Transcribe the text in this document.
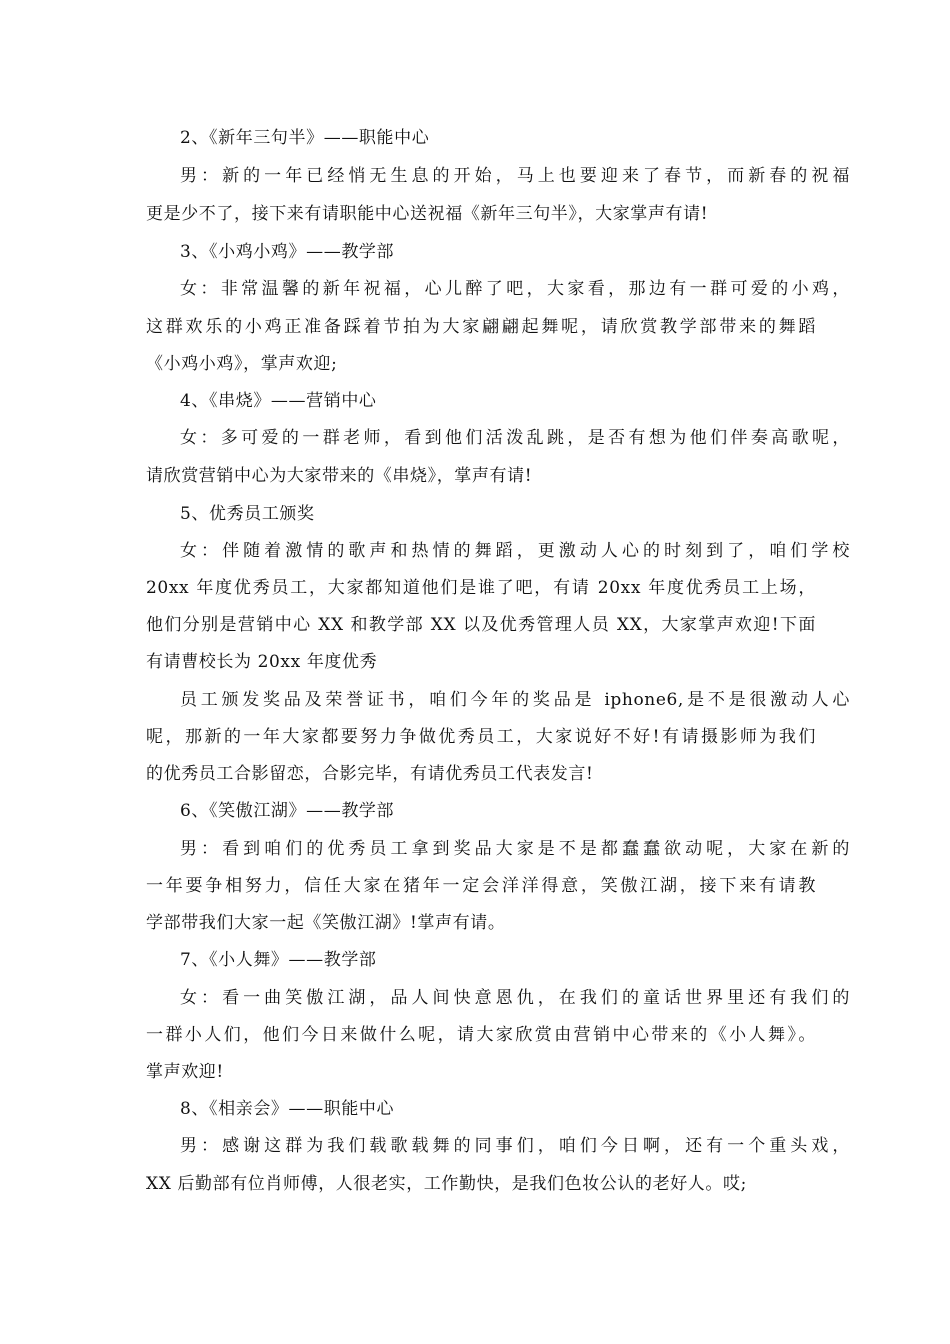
2、《新年三句半》——职能中心
男：新的一年已经悄无生息的开始，马上也要迎来了春节，而新春的祝福
更是少不了，接下来有请职能中心送祝福《新年三句半》，大家掌声有请!
3、《小鸡小鸡》——教学部
女：非常温馨的新年祝福，心儿醉了吧，大家看，那边有一群可爱的小鸡，
这群欢乐的小鸡正准备踩着节拍为大家翩翩起舞呢，请欣赏教学部带来的舞蹈
《小鸡小鸡》，掌声欢迎;
4、《串烧》——营销中心
女：多可爱的一群老师，看到他们活泼乱跳，是否有想为他们伴奏高歌呢，
请欣赏营销中心为大家带来的《串烧》，掌声有请!
5、优秀员工颁奖
女：伴随着激情的歌声和热情的舞蹈，更激动人心的时刻到了，咱们学校
20xx 年度优秀员工，大家都知道他们是谁了吧，有请 20xx 年度优秀员工上场，
他们分别是营销中心 XX 和教学部 XX 以及优秀管理人员 XX，大家掌声欢迎!下面
有请曹校长为 20xx 年度优秀
员工颁发奖品及荣誉证书，咱们今年的奖品是 iphone6,是不是很激动人心
呢，那新的一年大家都要努力争做优秀员工，大家说好不好!有请摄影师为我们
的优秀员工合影留恋，合影完毕，有请优秀员工代表发言!
6、《笑傲江湖》——教学部
男：看到咱们的优秀员工拿到奖品大家是不是都蠢蠢欲动呢，大家在新的
一年要争相努力，信任大家在猪年一定会洋洋得意，笑傲江湖，接下来有请教
学部带我们大家一起《笑傲江湖》!掌声有请。
7、《小人舞》——教学部
女：看一曲笑傲江湖，品人间快意恩仇，在我们的童话世界里还有我们的
一群小人们，他们今日来做什么呢，请大家欣赏由营销中心带来的《小人舞》。
掌声欢迎!
8、《相亲会》——职能中心
男：感谢这群为我们载歌载舞的同事们，咱们今日啊，还有一个重头戏，
XX 后勤部有位肖师傅，人很老实，工作勤快，是我们色妆公认的老好人。哎;
